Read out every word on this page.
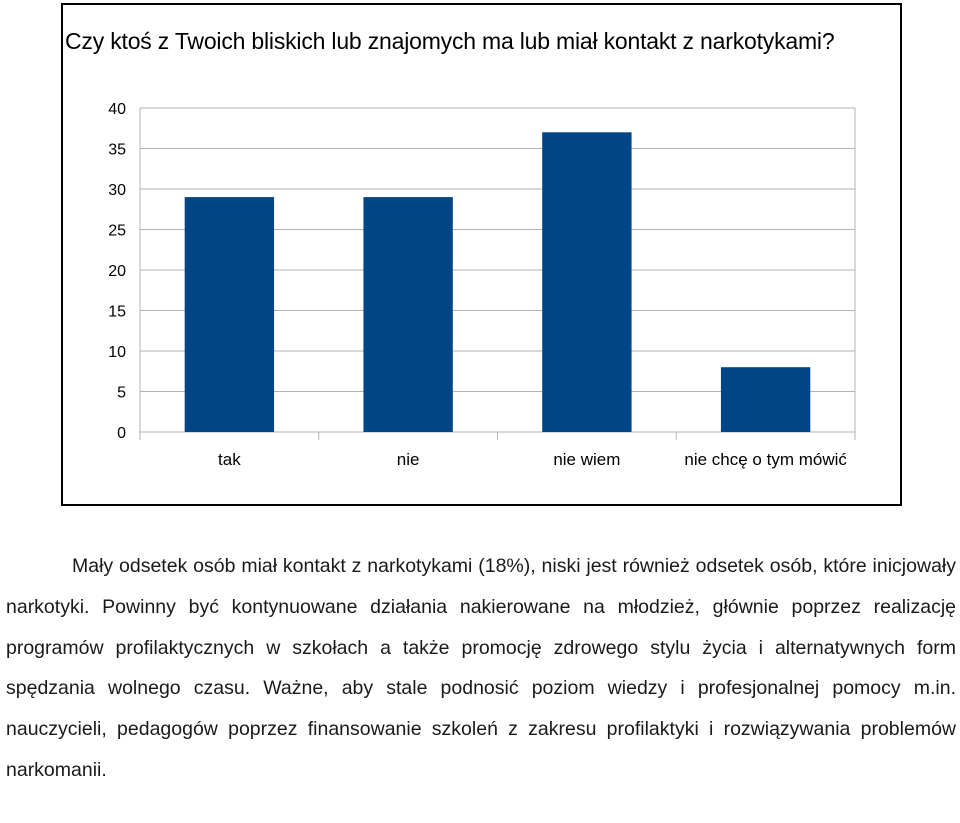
Czy ktoś z Twoich bliskich lub znajomych ma lub miał kontakt z narkotykami?
0
5
10
15
20
25
30
35
40
tak	nie	nie wiem	nie chcę o tym mówić

Mały odsetek osób miał kontakt z narkotykami (18%), niski jest również odsetek osób, które inicjowały narkotyki. Powinny być kontynuowane działania nakierowane na młodzież, głównie poprzez realizację programów profilaktycznych w szkołach a także promocję zdrowego stylu życia i alternatywnych form spędzania wolnego czasu. Ważne, aby stale podnosić poziom wiedzy i profesjonalnej pomocy m.in. nauczycieli, pedagogów poprzez finansowanie szkoleń z zakresu profilaktyki i rozwiązywania problemów narkomanii.
